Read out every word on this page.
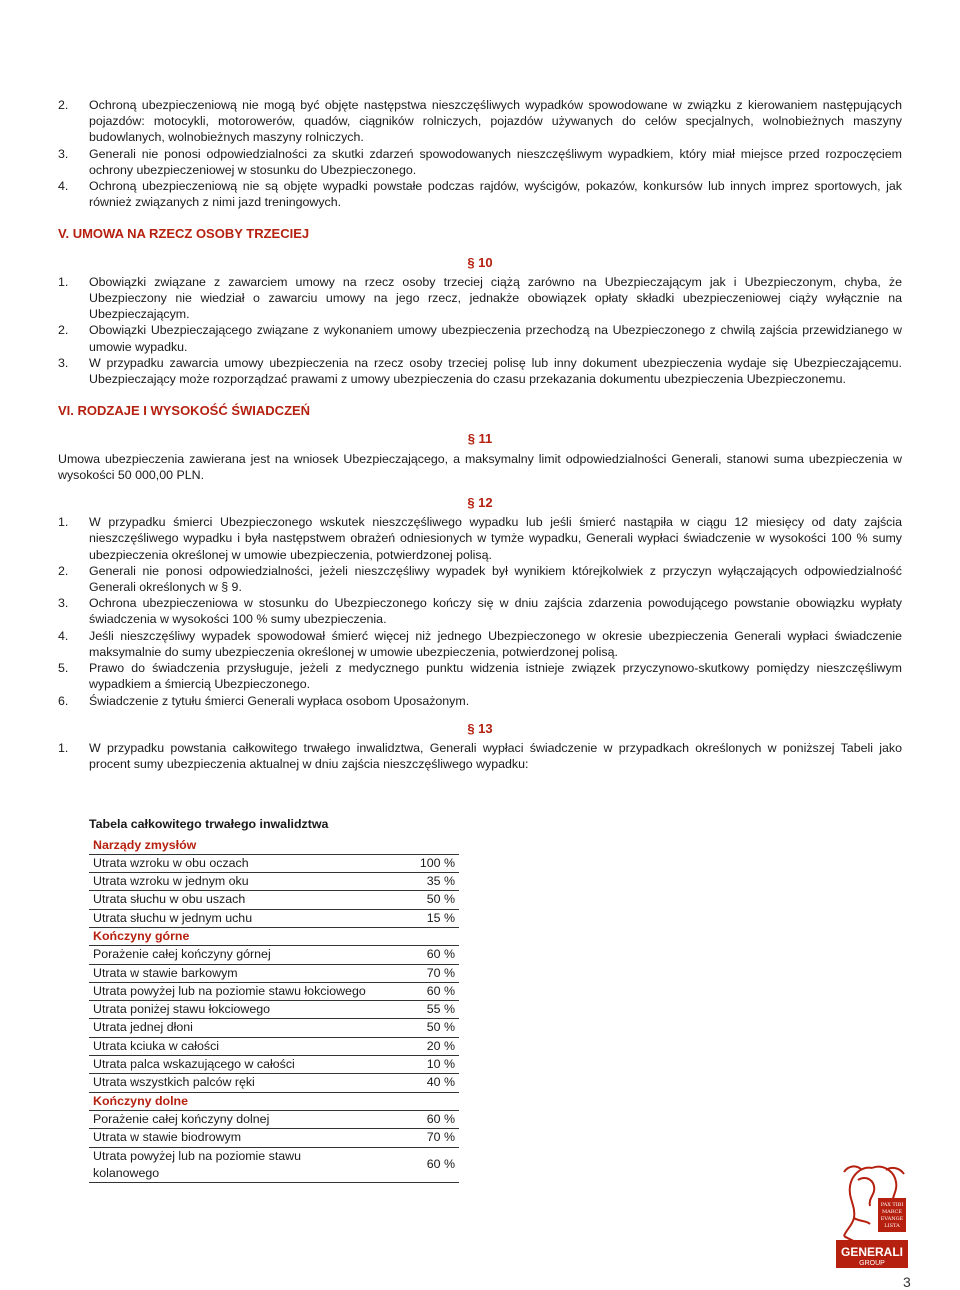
2.	Ochroną ubezpieczeniową nie mogą być objęte następstwa nieszczęśliwych wypadków spowodowane w związku z kierowaniem następujących pojazdów: motocykli, motorowerów, quadów, ciągników rolniczych, pojazdów używanych do celów specjalnych, wolnobieżnych maszyny budowlanych, wolnobieżnych maszyny rolniczych.
3.	Generali nie ponosi odpowiedzialności za skutki zdarzeń spowodowanych nieszczęśliwym wypadkiem, który miał miejsce przed rozpoczęciem ochrony ubezpieczeniowej w stosunku do Ubezpieczonego.
4.	Ochroną ubezpieczeniową nie są objęte wypadki powstałe podczas rajdów, wyścigów, pokazów, konkursów lub innych imprez sportowych, jak również związanych z nimi jazd treningowych.
V. UMOWA NA RZECZ OSOBY TRZECIEJ
§ 10
1.	Obowiązki związane z zawarciem umowy na rzecz osoby trzeciej ciążą zarówno na Ubezpieczającym jak i Ubezpieczonym, chyba, że Ubezpieczony nie wiedział o zawarciu umowy na jego rzecz, jednakże obowiązek opłaty składki ubezpieczeniowej ciąży wyłącznie na Ubezpieczającym.
2.	Obowiązki Ubezpieczającego związane z wykonaniem umowy ubezpieczenia przechodzą na Ubezpieczonego z chwilą zajścia przewidzianego w umowie wypadku.
3.	W przypadku zawarcia umowy ubezpieczenia na rzecz osoby trzeciej polisę lub inny dokument ubezpieczenia wydaje się Ubezpieczającemu. Ubezpieczający może rozporządzać prawami z umowy ubezpieczenia do czasu przekazania dokumentu ubezpieczenia Ubezpieczonemu.
VI. RODZAJE I WYSOKOŚĆ ŚWIADCZEŃ
§ 11
Umowa ubezpieczenia zawierana jest na wniosek Ubezpieczającego, a maksymalny limit odpowiedzialności Generali, stanowi suma ubezpieczenia w wysokości 50 000,00 PLN.
§ 12
1.	W przypadku śmierci Ubezpieczonego wskutek nieszczęśliwego wypadku lub jeśli śmierć nastąpiła w ciągu 12 miesięcy od daty zajścia nieszczęśliwego wypadku i była następstwem obrażeń odniesionych w tymże wypadku, Generali wypłaci świadczenie w wysokości 100 % sumy ubezpieczenia określonej w umowie ubezpieczenia, potwierdzonej polisą.
2.	Generali nie ponosi odpowiedzialności, jeżeli nieszczęśliwy wypadek był wynikiem którejkolwiek z przyczyn wyłączających odpowiedzialność Generali określonych w § 9.
3.	Ochrona ubezpieczeniowa w stosunku do Ubezpieczonego kończy się w dniu zajścia zdarzenia powodującego powstanie obowiązku wypłaty świadczenia w wysokości 100 % sumy ubezpieczenia.
4.	Jeśli nieszczęśliwy wypadek spowodował śmierć więcej niż jednego Ubezpieczonego w okresie ubezpieczenia Generali wypłaci świadczenie maksymalnie do sumy ubezpieczenia określonej w umowie ubezpieczenia, potwierdzonej polisą.
5.	Prawo do świadczenia przysługuje, jeżeli z medycznego punktu widzenia istnieje związek przyczynowo-skutkowy pomiędzy nieszczęśliwym wypadkiem a śmiercią Ubezpieczonego.
6.	Świadczenie z tytułu śmierci Generali wypłaca osobom Uposażonym.
§ 13
1.	W przypadku powstania całkowitego trwałego inwalidztwa, Generali wypłaci świadczenie w przypadkach określonych w poniższej Tabeli jako procent sumy ubezpieczenia aktualnej w dniu zajścia nieszczęśliwego wypadku:
Tabela całkowitego trwałego inwalidztwa
Narządy zmysłów	
Utrata wzroku w obu oczach	100 %
Utrata wzroku w jednym oku	35 %
Utrata słuchu w obu uszach	50 %
Utrata słuchu w jednym uchu	15 %
Kończyny górne	
Porażenie całej kończyny górnej	60 %
Utrata w stawie barkowym	70 %
Utrata powyżej lub na poziomie stawu łokciowego	60 %
Utrata poniżej stawu łokciowego	55 %
Utrata jednej dłoni	50 %
Utrata kciuka w całości	20 %
Utrata palca wskazującego w całości	10 %
Utrata wszystkich palców ręki	40 %
Kończyny dolne	
Porażenie całej kończyny dolnej	60 %
Utrata w stawie biodrowym	70 %
Utrata powyżej lub na poziomie stawu kolanowego	60 %
PAX TIBI
MARCE
EVANGE
LISTA
GENERALI
GROUP
3
